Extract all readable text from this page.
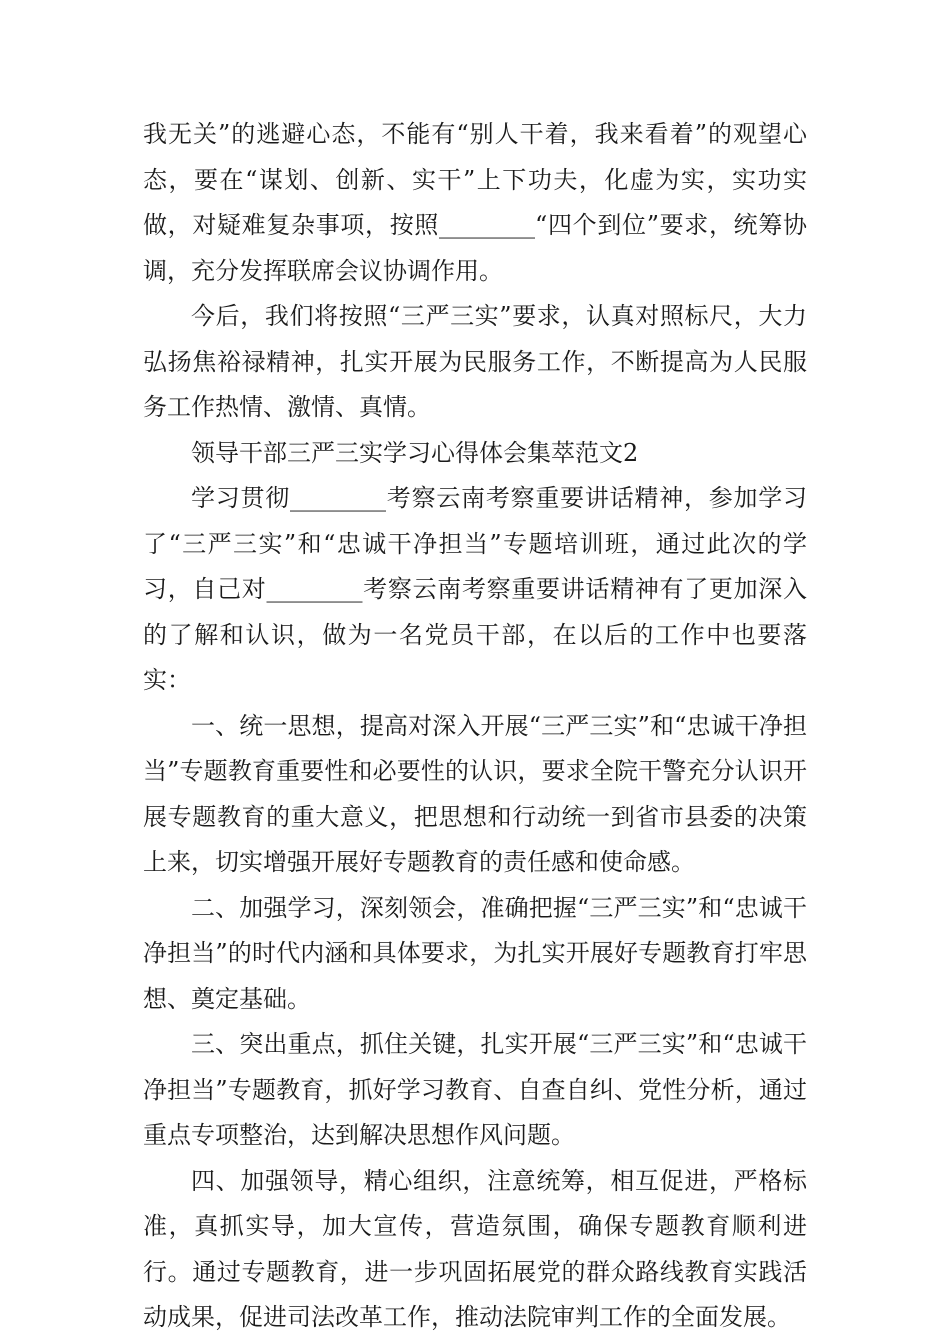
我无关”的逃避心态，不能有“别人干着，我来看着”的观望心态，要在“谋划、创新、实干”上下功夫，化虚为实，实功实做，对疑难复杂事项，按照________“四个到位”要求，统筹协调，充分发挥联席会议协调作用。

今后，我们将按照“三严三实”要求，认真对照标尺，大力弘扬焦裕禄精神，扎实开展为民服务工作，不断提高为人民服务工作热情、激情、真情。

领导干部三严三实学习心得体会集萃范文2

学习贯彻________考察云南考察重要讲话精神，参加学习了“三严三实”和“忠诚干净担当”专题培训班，通过此次的学习，自己对________考察云南考察重要讲话精神有了更加深入的了解和认识，做为一名党员干部，在以后的工作中也要落实：

一、统一思想，提高对深入开展“三严三实”和“忠诚干净担当”专题教育重要性和必要性的认识，要求全院干警充分认识开展专题教育的重大意义，把思想和行动统一到省市县委的决策上来，切实增强开展好专题教育的责任感和使命感。

二、加强学习，深刻领会，准确把握“三严三实”和“忠诚干净担当”的时代内涵和具体要求，为扎实开展好专题教育打牢思想、奠定基础。

三、突出重点，抓住关键，扎实开展“三严三实”和“忠诚干净担当”专题教育，抓好学习教育、自查自纠、党性分析，通过重点专项整治，达到解决思想作风问题。

四、加强领导，精心组织，注意统筹，相互促进，严格标准，真抓实导，加大宣传，营造氛围，确保专题教育顺利进行。通过专题教育，进一步巩固拓展党的群众路线教育实践活动成果，促进司法改革工作，推动法院审判工作的全面发展。
